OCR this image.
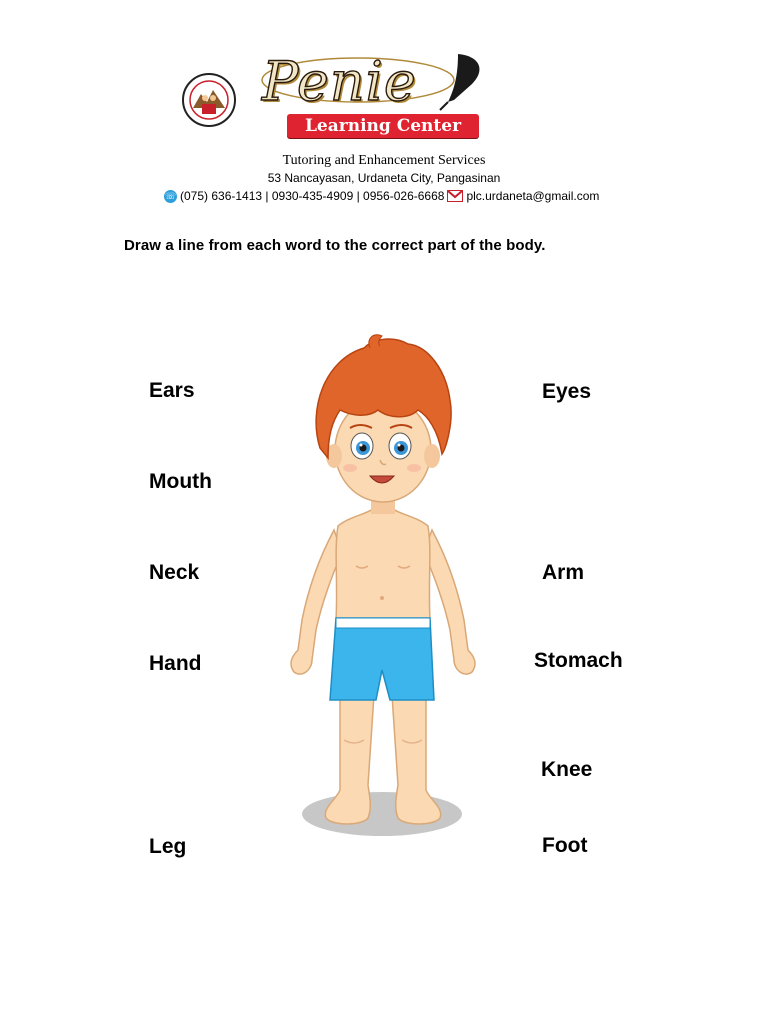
Penie
Learning Center
Tutoring and Enhancement Services
53 Nancayasan, Urdaneta City, Pangasinan
☏ (075) 636-1413 | 0930-435-4909 | 0956-026-6668 plc.urdaneta@gmail.com
Draw a line from each word to the correct part of the body.
Ears
Mouth
Neck
Hand
Leg
Eyes
Arm
Stomach
Knee
Foot
